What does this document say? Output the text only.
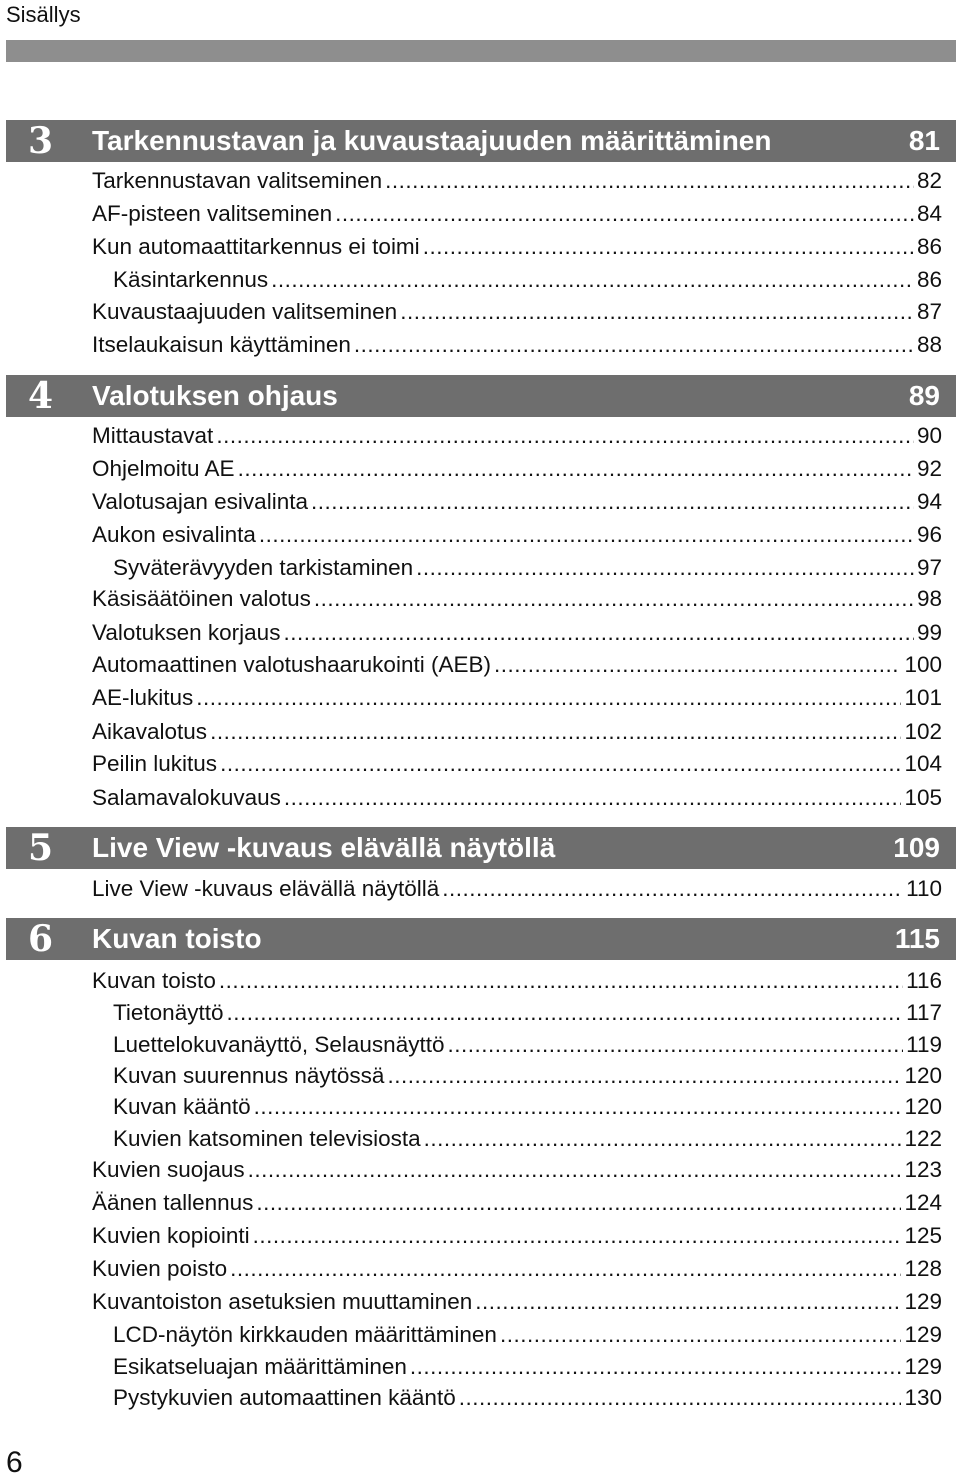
Sisällys
3 Tarkennustavan ja kuvaustaajuuden määrittäminen	81
Tarkennustavan valitseminen .....	82
AF-pisteen valitseminen .....	84
Kun automaattitarkennus ei toimi .....	86
Käsintarkennus .....	86
Kuvaustaajuuden valitseminen .....	87
Itselaukaisun käyttäminen .....	88
4 Valotuksen ohjaus	89
Mittaustavat .....	90
Ohjelmoitu AE .....	92
Valotusajan esivalinta .....	94
Aukon esivalinta .....	96
Syväterävyyden tarkistaminen .....	97
Käsisäätöinen valotus .....	98
Valotuksen korjaus .....	99
Automaattinen valotushaarukointi (AEB) .....	100
AE-lukitus .....	101
Aikavalotus .....	102
Peilin lukitus .....	104
Salamavalokuvaus .....	105
5 Live View -kuvaus elävällä näytöllä	109
Live View -kuvaus elävällä näytöllä .....	110
6 Kuvan toisto	115
Kuvan toisto .....	116
Tietonäyttö .....	117
Luettelokuvanäyttö, Selausnäyttö .....	119
Kuvan suurennus näytössä .....	120
Kuvan kääntö .....	120
Kuvien katsominen televisiosta .....	122
Kuvien suojaus .....	123
Äänen tallennus .....	124
Kuvien kopiointi .....	125
Kuvien poisto .....	128
Kuvantoiston asetuksien muuttaminen .....	129
LCD-näytön kirkkauden määrittäminen .....	129
Esikatseluajan määrittäminen .....	129
Pystykuvien automaattinen kääntö .....	130
6
